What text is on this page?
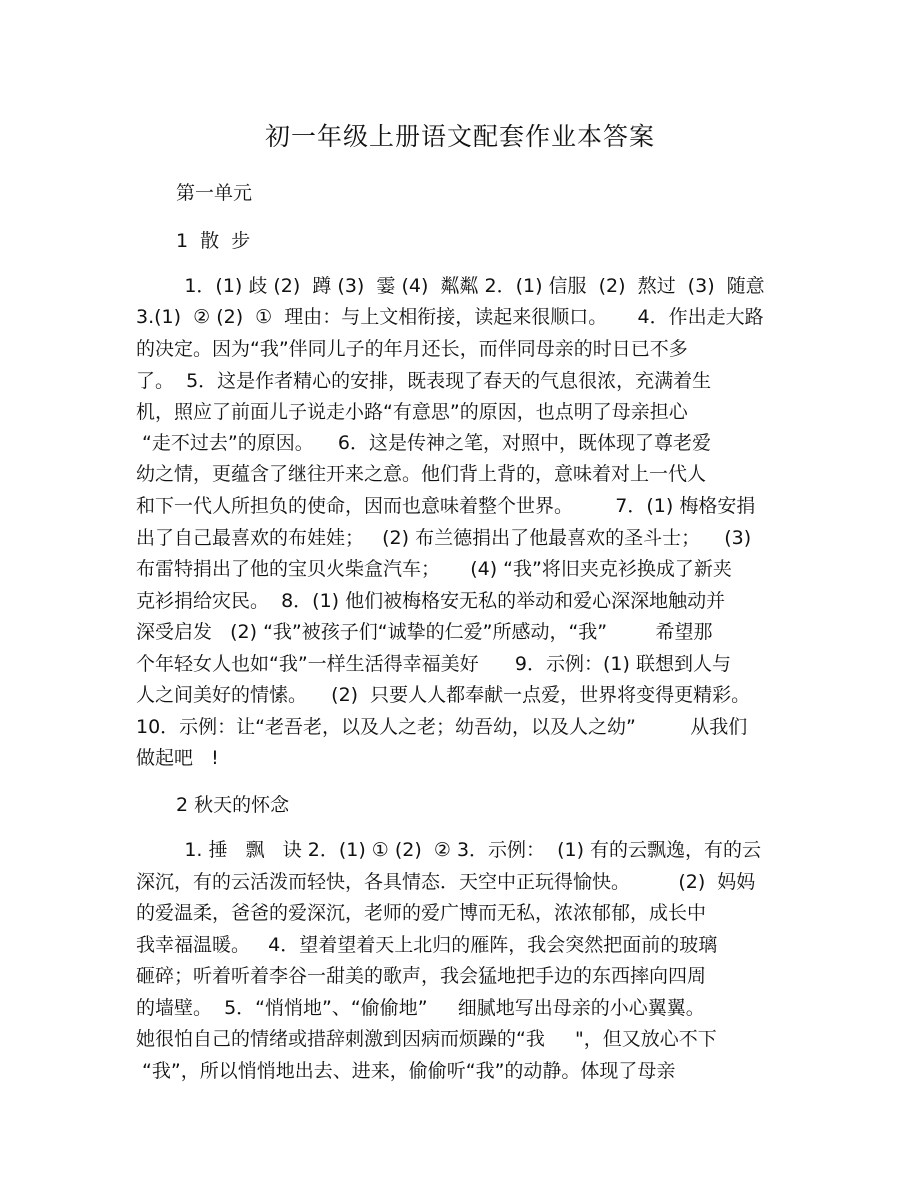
初一年级上册语文配套作业本答案
第一单元
1  散  步
1．(1) 歧 (2)  蹲 (3)  霎 (4)  粼粼 2．(1) 信服  (2)  熬过  (3)  随意
3.(1)  ② (2)  ①  理由：与上文相衔接，读起来很顺口。     4．作出走大路
的决定。因为“我”伴同儿子的年月还长，而伴同母亲的时日已不多
了。  5．这是作者精心的安排，既表现了春天的气息很浓，充满着生
机，照应了前面儿子说走小路“有意思”的原因，也点明了母亲担心
“走不过去”的原因。    6．这是传神之笔，对照中，既体现了尊老爱
幼之情，更蕴含了继往开来之意。他们背上背的，意味着对上一代人
和下一代人所担负的使命，因而也意味着整个世界。       7．(1) 梅格安捐
出了自己最喜欢的布娃娃；   (2) 布兰德捐出了他最喜欢的圣斗士；    (3)
布雷特捐出了他的宝贝火柴盒汽车；     (4) “我”将旧夹克衫换成了新夹
克衫捐给灾民。  8．(1) 他们被梅格安无私的举动和爱心深深地触动并
深受启发   (2) “我”被孩子们“诚挚的仁爱”所感动，“我”        希望那
个年轻女人也如“我”一样生活得幸福美好      9．示例：(1) 联想到人与
人之间美好的情愫。    (2)  只要人人都奉献一点爱，世界将变得更精彩。
10．示例：让“老吾老，以及人之老；幼吾幼，以及人之幼”         从我们
做起吧   !
2 秋天的怀念
1. 捶   飘   诀 2．(1) ① (2)  ② 3．示例：  (1) 有的云飘逸，有的云
深沉，有的云活泼而轻快，各具情态．天空中正玩得愉快。        (2)  妈妈
的爱温柔，爸爸的爱深沉，老师的爱广博而无私，浓浓郁郁，成长中
我幸福温暖。   4．望着望着天上北归的雁阵，我会突然把面前的玻璃
砸碎；听着听着李谷一甜美的歌声，我会猛地把手边的东西摔向四周
的墙壁。  5．“悄悄地”、“偷偷地”     细腻地写出母亲的小心翼翼。
她很怕自己的情绪或措辞刺激到因病而烦躁的“我     "，但又放心不下
“我”，所以悄悄地出去、进来，偷偷听“我”的动静。体现了母亲
